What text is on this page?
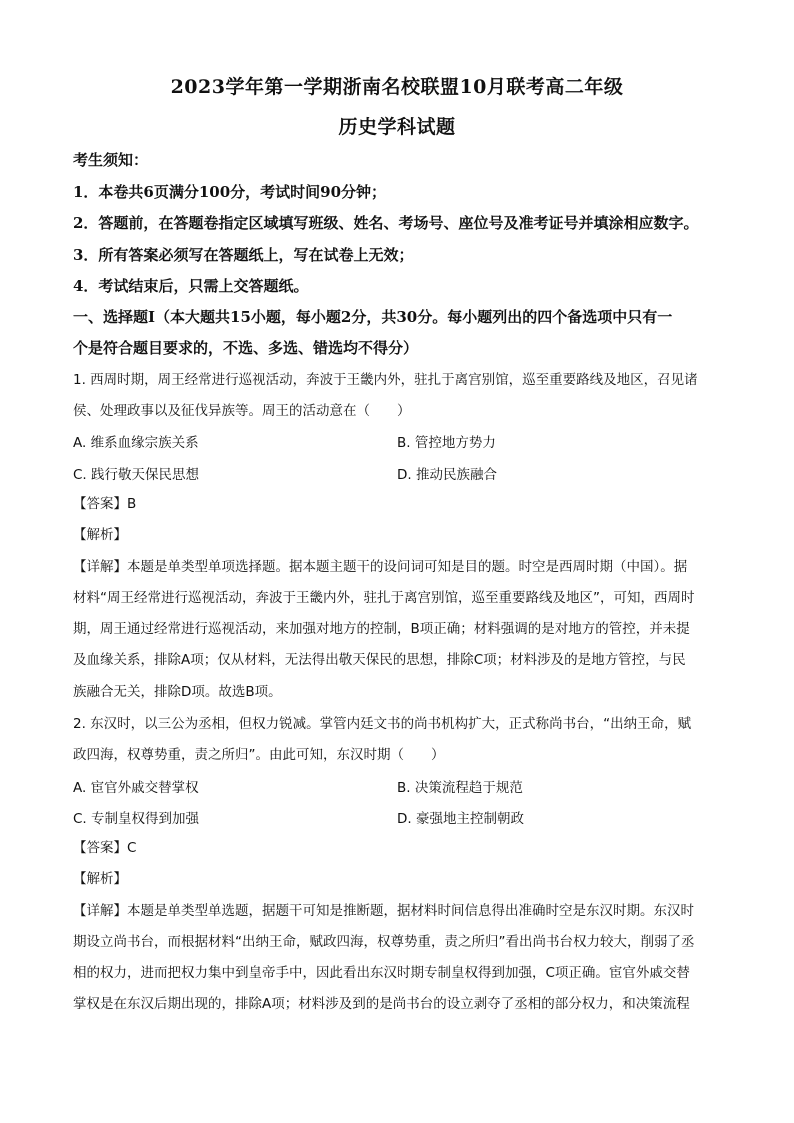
2023学年第一学期浙南名校联盟10月联考高二年级
历史学科试题
考生须知：
1．本卷共6页满分100分，考试时间90分钟；
2．答题前，在答题卷指定区域填写班级、姓名、考场号、座位号及准考证号并填涂相应数字。
3．所有答案必须写在答题纸上，写在试卷上无效；
4．考试结束后，只需上交答题纸。
一、选择题Ⅰ（本大题共15小题，每小题2分，共30分。每小题列出的四个备选项中只有一
个是符合题目要求的，不选、多选、错选均不得分）
1. 西周时期，周王经常进行巡视活动，奔波于王畿内外，驻扎于离宫别馆，巡至重要路线及地区，召见诸
侯、处理政事以及征伐异族等。周王的活动意在（　　）
A. 维系血缘宗族关系	B. 管控地方势力
C. 践行敬天保民思想	D. 推动民族融合
【答案】B
【解析】
【详解】本题是单类型单项选择题。据本题主题干的设问词可知是目的题。时空是西周时期（中国）。据
材料“周王经常进行巡视活动，奔波于王畿内外，驻扎于离宫别馆，巡至重要路线及地区”，可知，西周时
期，周王通过经常进行巡视活动，来加强对地方的控制，B项正确；材料强调的是对地方的管控，并未提
及血缘关系，排除A项；仅从材料，无法得出敬天保民的思想，排除C项；材料涉及的是地方管控，与民
族融合无关，排除D项。故选B项。
2. 东汉时，以三公为丞相，但权力锐减。掌管内廷文书的尚书机构扩大，正式称尚书台，“出纳王命，赋
政四海，权尊势重，责之所归”。由此可知，东汉时期（　　）
A. 宦官外戚交替掌权	B. 决策流程趋于规范
C. 专制皇权得到加强	D. 豪强地主控制朝政
【答案】C
【解析】
【详解】本题是单类型单选题，据题干可知是推断题，据材料时间信息得出准确时空是东汉时期。东汉时
期设立尚书台，而根据材料“出纳王命，赋政四海，权尊势重，责之所归”看出尚书台权力较大，削弱了丞
相的权力，进而把权力集中到皇帝手中，因此看出东汉时期专制皇权得到加强，C项正确。宦官外戚交替
掌权是在东汉后期出现的，排除A项；材料涉及到的是尚书台的设立剥夺了丞相的部分权力，和决策流程
